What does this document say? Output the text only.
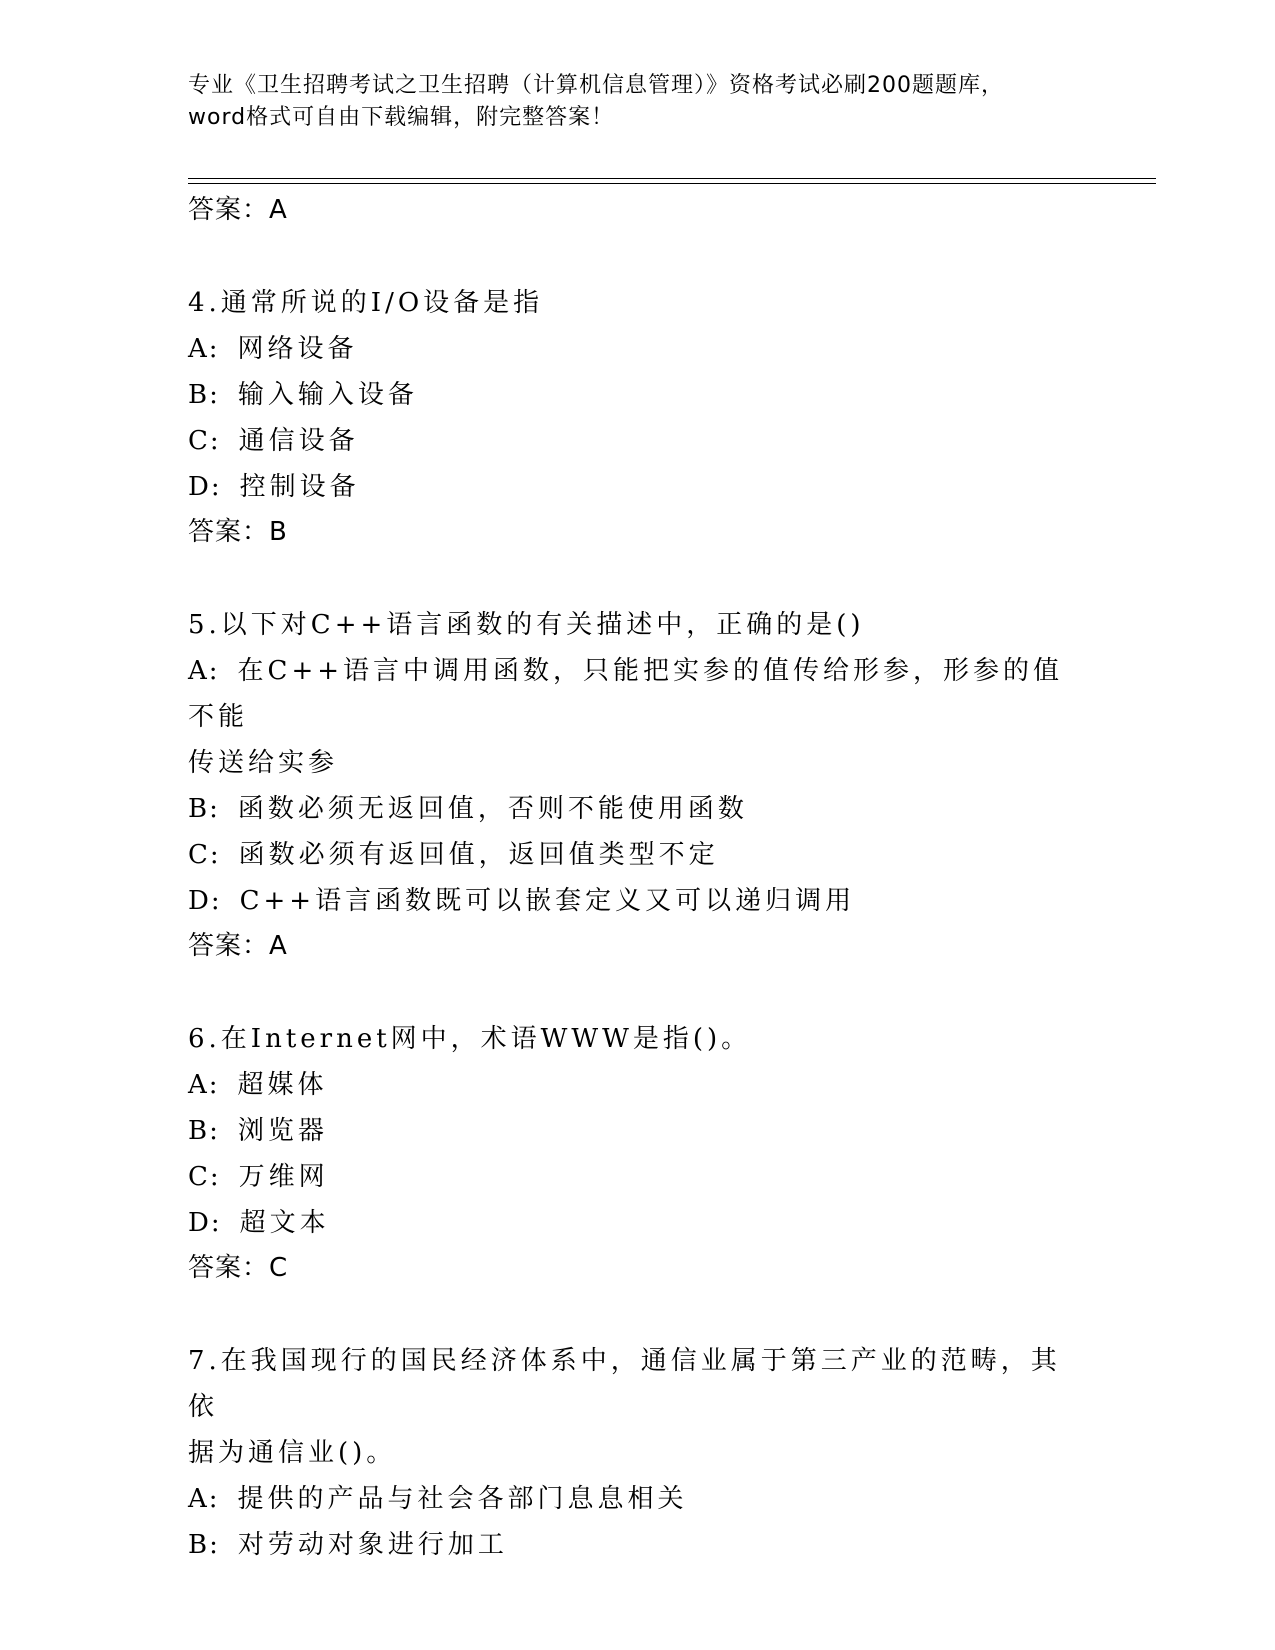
专业《卫生招聘考试之卫生招聘（计算机信息管理）》资格考试必刷200题题库，
word格式可自由下载编辑，附完整答案！
答案：A
4.通常所说的I/O设备是指
A: 网络设备
B: 输入输入设备
C: 通信设备
D: 控制设备
答案：B
5.以下对C++语言函数的有关描述中，正确的是()
A: 在C++语言中调用函数，只能把实参的值传给形参，形参的值不能
传送给实参
B: 函数必须无返回值，否则不能使用函数
C: 函数必须有返回值，返回值类型不定
D: C++语言函数既可以嵌套定义又可以递归调用
答案：A
6.在Internet网中，术语WWW是指()。
A: 超媒体
B: 浏览器
C: 万维网
D: 超文本
答案：C
7.在我国现行的国民经济体系中，通信业属于第三产业的范畴，其依
据为通信业()。
A: 提供的产品与社会各部门息息相关
B: 对劳动对象进行加工
